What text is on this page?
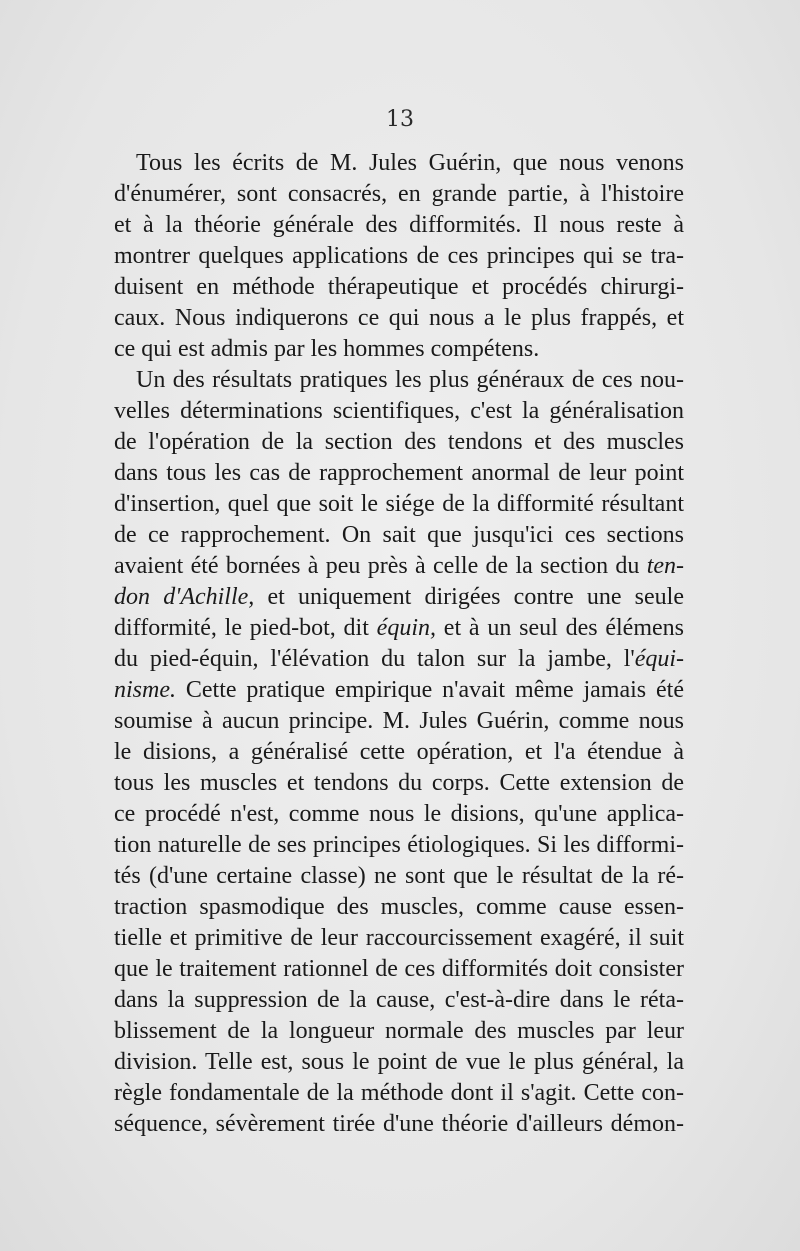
13
Tous les écrits de M. Jules Guérin, que nous venons
d'énumérer, sont consacrés, en grande partie, à l'histoire
et à la théorie générale des difformités. Il nous reste à
montrer quelques applications de ces principes qui se tra-
duisent en méthode thérapeutique et procédés chirurgi-
caux. Nous indiquerons ce qui nous a le plus frappés, et
ce qui est admis par les hommes compétens.
Un des résultats pratiques les plus généraux de ces nou-
velles déterminations scientifiques, c'est la généralisation
de l'opération de la section des tendons et des muscles
dans tous les cas de rapprochement anormal de leur point
d'insertion, quel que soit le siége de la difformité résultant
de ce rapprochement. On sait que jusqu'ici ces sections
avaient été bornées à peu près à celle de la section du ten-
don d'Achille, et uniquement dirigées contre une seule
difformité, le pied-bot, dit équin, et à un seul des élémens
du pied-équin, l'élévation du talon sur la jambe, l'équi-
nisme. Cette pratique empirique n'avait même jamais été
soumise à aucun principe. M. Jules Guérin, comme nous
le disions, a généralisé cette opération, et l'a étendue à
tous les muscles et tendons du corps. Cette extension de
ce procédé n'est, comme nous le disions, qu'une applica-
tion naturelle de ses principes étiologiques. Si les difformi-
tés (d'une certaine classe) ne sont que le résultat de la ré-
traction spasmodique des muscles, comme cause essen-
tielle et primitive de leur raccourcissement exagéré, il suit
que le traitement rationnel de ces difformités doit consister
dans la suppression de la cause, c'est-à-dire dans le réta-
blissement de la longueur normale des muscles par leur
division. Telle est, sous le point de vue le plus général, la
règle fondamentale de la méthode dont il s'agit. Cette con-
séquence, sévèrement tirée d'une théorie d'ailleurs démon-
